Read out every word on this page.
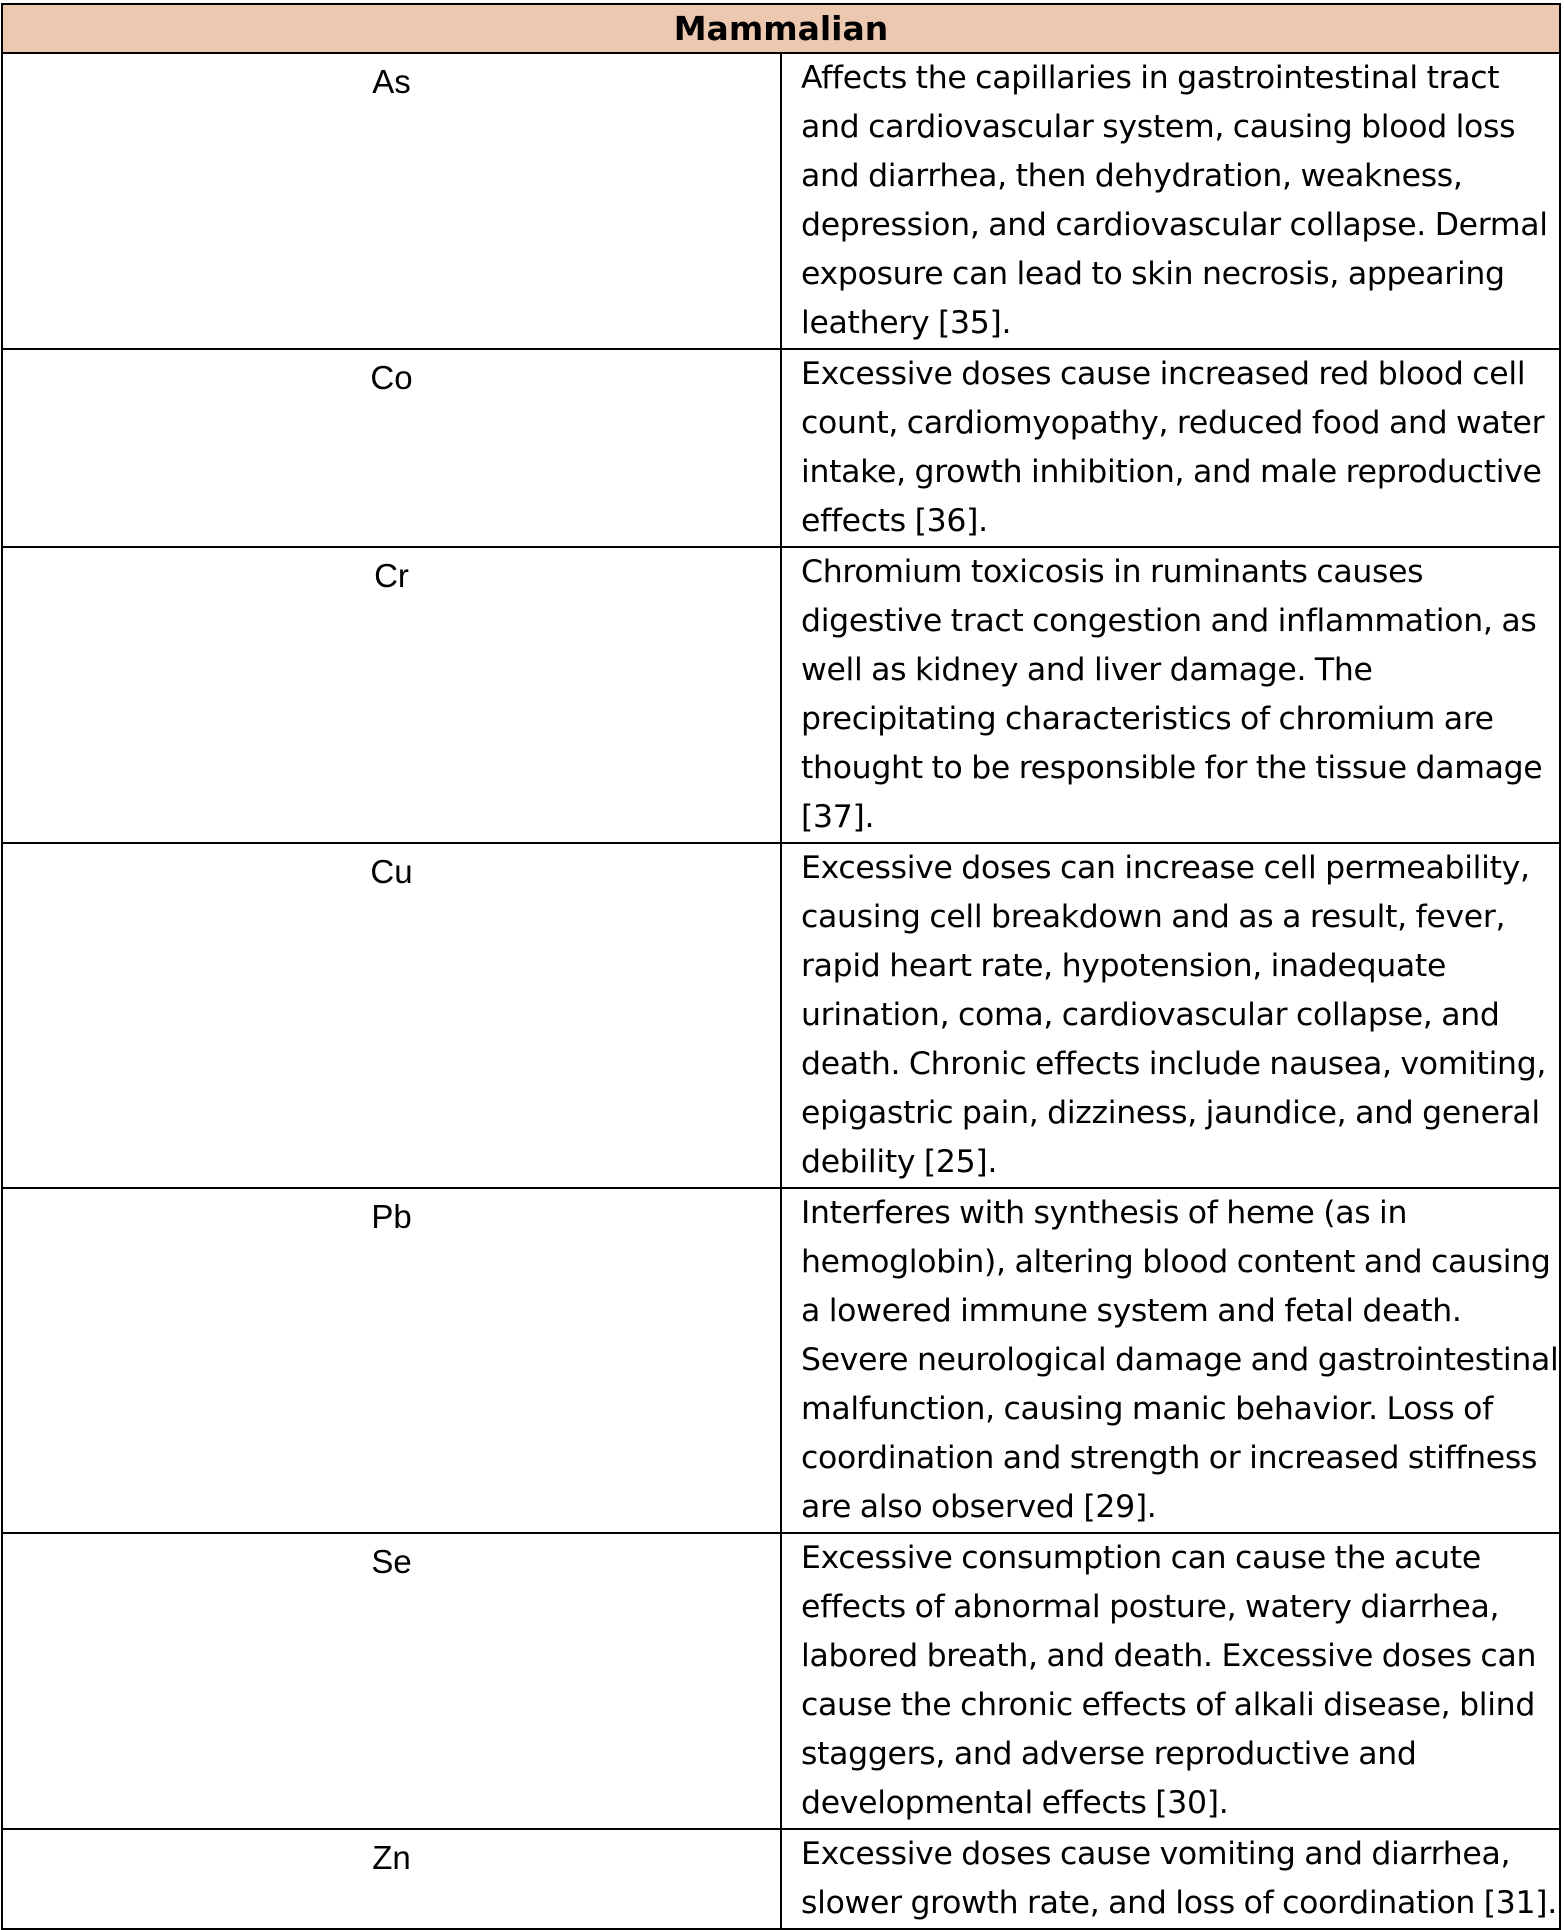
Mammalian	
As	Affects the capillaries in gastrointestinal tract and cardiovascular system, causing blood loss and diarrhea, then dehydration, weakness, depression, and cardiovascular collapse. Dermal exposure can lead to skin necrosis, appearing leathery [35].
Co	Excessive doses cause increased red blood cell count, cardiomyopathy, reduced food and water intake, growth inhibition, and male reproductive effects [36].
Cr	Chromium toxicosis in ruminants causes digestive tract congestion and inflammation, as well as kidney and liver damage. The precipitating characteristics of chromium are thought to be responsible for the tissue damage [37].
Cu	Excessive doses can increase cell permeability, causing cell breakdown and as a result, fever, rapid heart rate, hypotension, inadequate urination, coma, cardiovascular collapse, and death. Chronic effects include nausea, vomiting, epigastric pain, dizziness, jaundice, and general debility [25].
Pb	Interferes with synthesis of heme (as in hemoglobin), altering blood content and causing a lowered immune system and fetal death. Severe neurological damage and gastrointestinal malfunction, causing manic behavior. Loss of coordination and strength or increased stiffness are also observed [29].
Se	Excessive consumption can cause the acute effects of abnormal posture, watery diarrhea, labored breath, and death. Excessive doses can cause the chronic effects of alkali disease, blind staggers, and adverse reproductive and developmental effects [30].
Zn	Excessive doses cause vomiting and diarrhea, slower growth rate, and loss of coordination [31].
